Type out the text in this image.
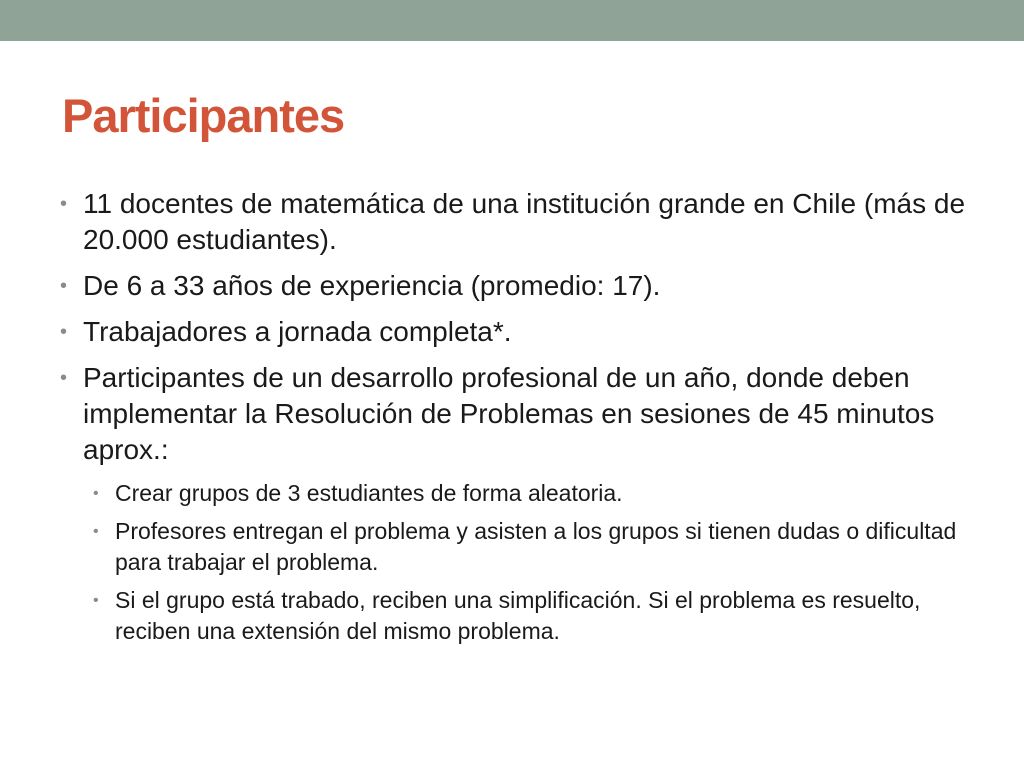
Participantes
• 11 docentes de matemática de una institución grande en Chile (más de 20.000 estudiantes).
• De 6 a 33 años de experiencia (promedio: 17).
• Trabajadores a jornada completa*.
• Participantes de un desarrollo profesional de un año, donde deben implementar la Resolución de Problemas en sesiones de 45 minutos aprox.:
• Crear grupos de 3 estudiantes de forma aleatoria.
• Profesores entregan el problema y asisten a los grupos si tienen dudas o dificultad para trabajar el problema.
• Si el grupo está trabado, reciben una simplificación. Si el problema es resuelto, reciben una extensión del mismo problema.
